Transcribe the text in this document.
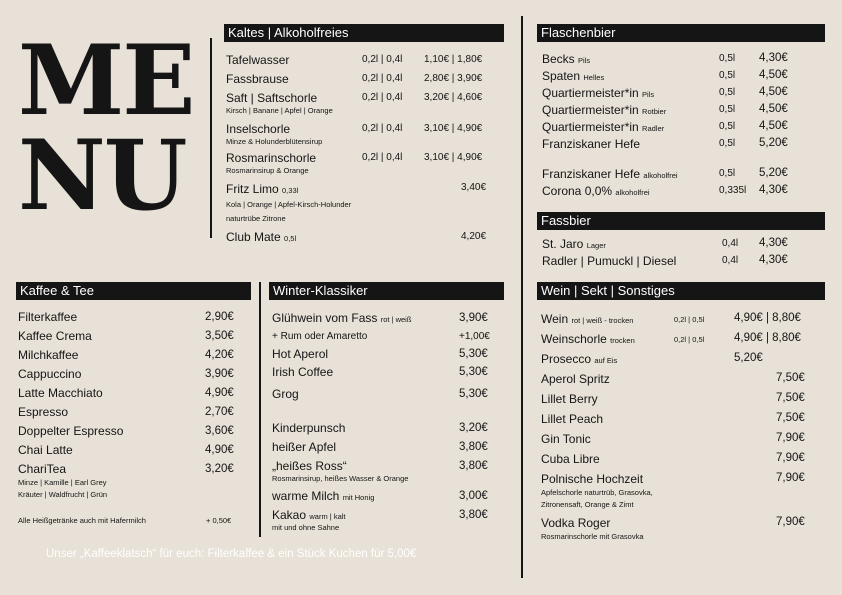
ME
NU
Kaltes | Alkoholfreies
Tafelwasser	0,2l | 0,4l 1,10€ | 1,80€
Fassbrause	0,2l | 0,4l 2,80€ | 3,90€
Saft | Saftschorle
Kirsch | Banane | Apfel | Orange
0,2l | 0,4l 3,20€ | 4,60€
Inselschorle
Minze & Holunderblütensirup
0,2l | 0,4l 3,10€ | 4,90€
Rosmarinschorle
Rosmarinsirup & Orange
0,2l | 0,4l 3,10€ | 4,90€
Fritz Limo 0,33l
Kola | Orange | Apfel-Kirsch-Holunder
naturtrübe Zitrone
3,40€
Club Mate 0,5l	4,20€
Kaffee & Tee
Filterkaffee	2,90€
Kaffee Crema	3,50€
Milchkaffee	4,20€
Cappuccino	3,90€
Latte Macchiato	4,90€
Espresso	2,70€
Doppelter Espresso	3,60€
Chai Latte	4,90€
ChariTea
Minze | Kamille | Earl Grey
Kräuter | Waldfrucht | Grün
3,20€
Alle Heißgetränke auch mit Hafermilch	+ 0,50€
Winter-Klassiker
Glühwein vom Fass rot | weiß	3,90€
+ Rum oder Amaretto	+1,00€
Hot Aperol	5,30€
Irish Coffee	5,30€
Grog	5,30€
Kinderpunsch	3,20€
heißer Apfel	3,80€
„heißes Ross“
Rosmarinsirup, heißes Wasser & Orange
3,80€
warme Milch mit Honig	3,00€
Kakao warm | kalt
mit und ohne Sahne
3,80€
Unser „Kaffeeklatsch“ für euch: Filterkaffee & ein Stück Kuchen für 5,00€
Flaschenbier
Becks Pils	0,5l 4,30€
Spaten Helles	0,5l 4,50€
Quartiermeister*in Pils	0,5l 4,50€
Quartiermeister*in Rotbier	0,5l 4,50€
Quartiermeister*in Radler	0,5l 4,50€
Franziskaner Hefe	0,5l 5,20€
Franziskaner Hefe alkoholfrei	0,5l 5,20€
Corona 0,0% alkoholfrei	0,335l 4,30€
Fassbier
St. Jaro Lager	0,4l 4,30€
Radler | Pumuckl | Diesel	0,4l 4,30€
Wein | Sekt | Sonstiges
Wein rot | weiß - trocken	0,2l | 0,5l	4,90€ | 8,80€
Weinschorle trocken	0,2l | 0,5l	4,90€ | 8,80€
Prosecco auf Eis	5,20€
Aperol Spritz	7,50€
Lillet Berry	7,50€
Lillet Peach	7,50€
Gin Tonic	7,90€
Cuba Libre	7,90€
Polnische Hochzeit
Apfelschorle naturtrüb, Grasovka,
Zitronensaft, Orange & Zimt
7,90€
Vodka Roger
Rosmarinschorle mit Grasovka
7,90€
